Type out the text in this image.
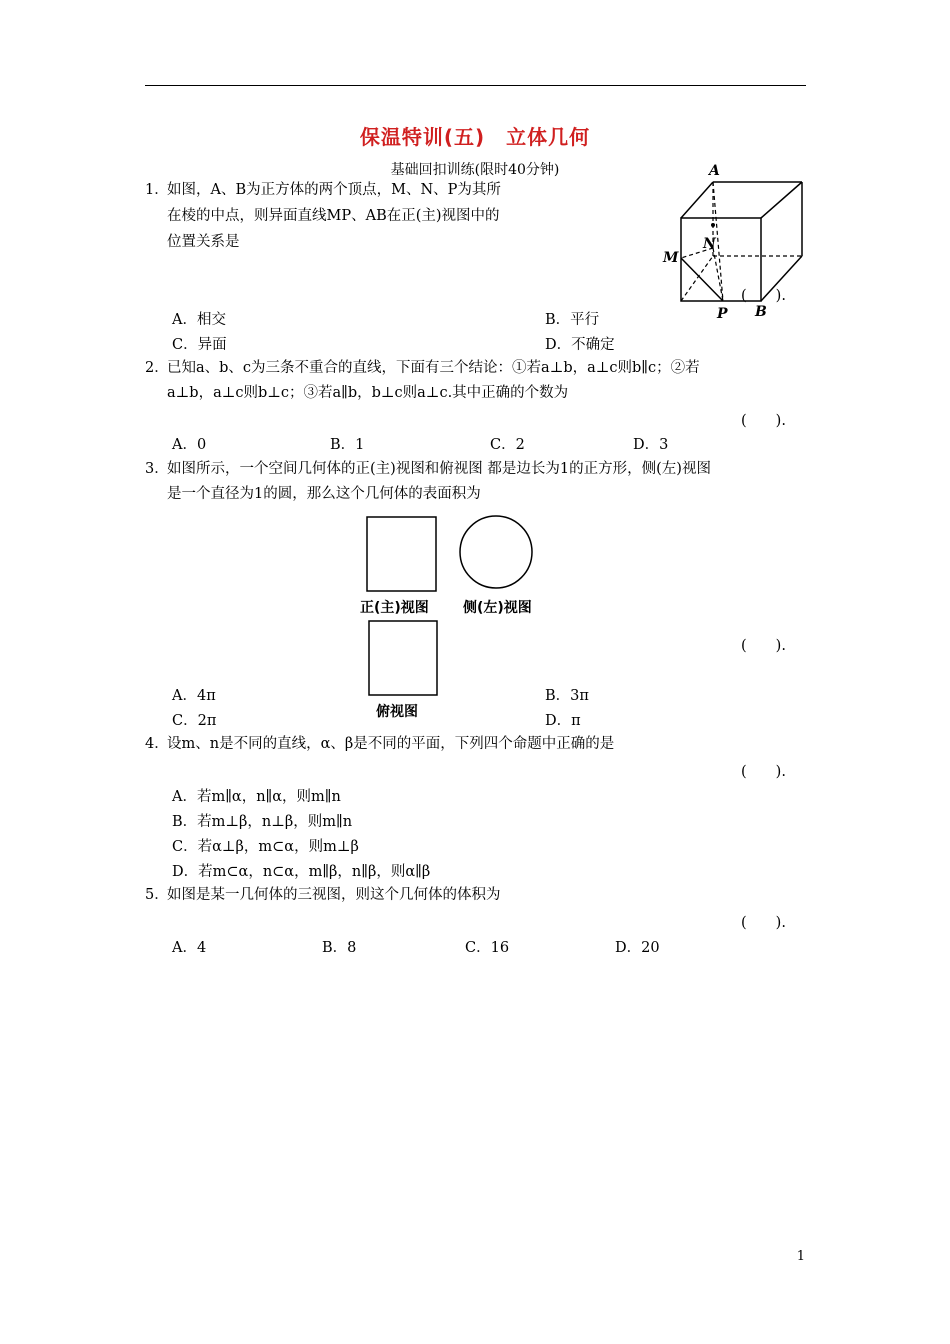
保温特训(五)　立体几何
基础回扣训练(限时40分钟)
1．如图，A、B为正方体的两个顶点，M、N、P为其所
在棱的中点，则异面直线MP、AB在正(主)视图中的
位置关系是
A
M
N
P B
(　　).
A．相交	B．平行
C．异面	D．不确定
2．已知a、b、c为三条不重合的直线，下面有三个结论：①若a⊥b，a⊥c则b∥c；②若
a⊥b，a⊥c则b⊥c；③若a∥b，b⊥c则a⊥c.其中正确的个数为
(　　).
A．0	B．1	C．2	D．3
3．如图所示，一个空间几何体的正(主)视图和俯视图 都是边长为1的正方形，侧(左)视图
是一个直径为1的圆，那么这个几何体的表面积为
正(主)视图 侧(左)视图
俯视图
(　　).
A．4π	B．3π
C．2π	D．π
4．设m、n是不同的直线，α、β是不同的平面，下列四个命题中正确的是
(　　).
A．若m∥α，n∥α，则m∥n
B．若m⊥β，n⊥β，则m∥n
C．若α⊥β，m⊂α，则m⊥β
D．若m⊂α，n⊂α，m∥β，n∥β，则α∥β
5．如图是某一几何体的三视图，则这个几何体的体积为
(　　).
A．4	B．8	C．16	D．20
1
